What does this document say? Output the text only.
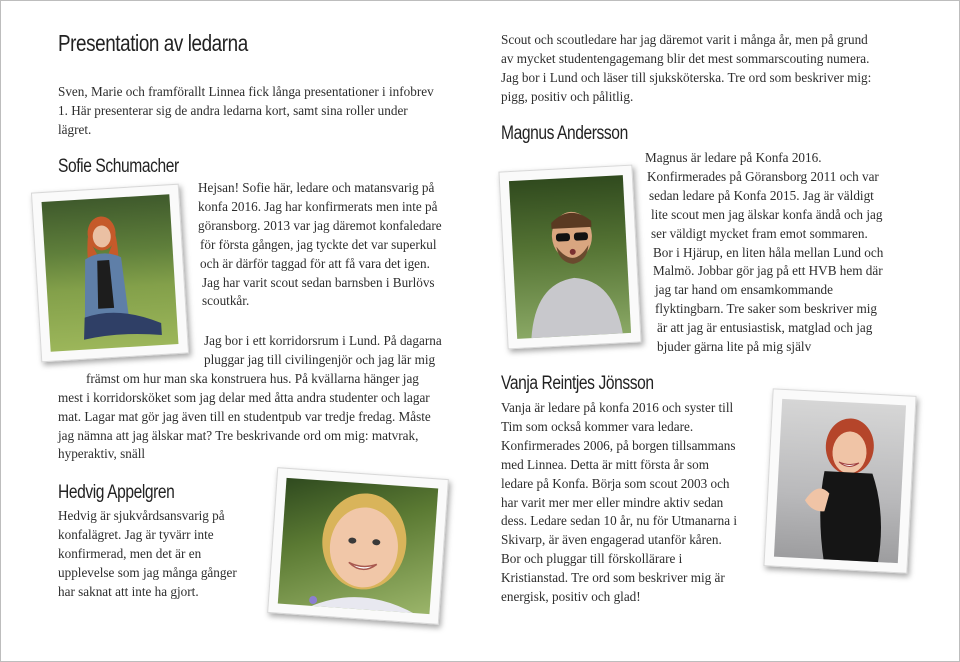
Presentation av ledarna
Sven, Marie och framförallt Linnea fick långa presentationer i infobrev
1. Här presenterar sig de andra ledarna kort, samt sina roller under
lägret.
Sofie Schumacher
Hejsan! Sofie här, ledare och matansvarig på
konfa 2016. Jag har konfirmerats men inte på
göransborg. 2013 var jag däremot konfaledare
för första gången, jag tyckte det var superkul
och är därför taggad för att få vara det igen.
Jag har varit scout sedan barnsben i Burlövs
scoutkår.
Jag bor i ett korridorsrum i Lund. På dagarna
pluggar jag till civilingenjör och jag lär mig
främst om hur man ska konstruera hus. På kvällarna hänger jag
mest i korridorsköket som jag delar med åtta andra studenter och lagar
mat. Lagar mat gör jag även till en studentpub var tredje fredag. Måste
jag nämna att jag älskar mat? Tre beskrivande ord om mig: matvrak,
hyperaktiv, snäll
Hedvig Appelgren
Hedvig är sjukvårdsansvarig på
konfalägret. Jag är tyvärr inte
konfirmerad, men det är en
upplevelse som jag många gånger
har saknat att inte ha gjort.
Scout och scoutledare har jag däremot varit i många år, men på grund
av mycket studentengagemang blir det mest sommarscouting numera.
Jag bor i Lund och läser till sjuksköterska. Tre ord som beskriver mig:
pigg, positiv och pålitlig.
Magnus Andersson
Magnus är ledare på Konfa 2016.
Konfirmerades på Göransborg 2011 och var
sedan ledare på Konfa 2015. Jag är väldigt
lite scout men jag älskar konfa ändå och jag
ser väldigt mycket fram emot sommaren.
Bor i Hjärup, en liten håla mellan Lund och
Malmö. Jobbar gör jag på ett HVB hem där
jag tar hand om ensamkommande
flyktingbarn. Tre saker som beskriver mig
är att jag är entusiastisk, matglad och jag
bjuder gärna lite på mig själv
Vanja Reintjes Jönsson
Vanja är ledare på konfa 2016 och syster till
Tim som också kommer vara ledare.
Konfirmerades 2006, på borgen tillsammans
med Linnea. Detta är mitt första år som
ledare på Konfa. Börja som scout 2003 och
har varit mer mer eller mindre aktiv sedan
dess. Ledare sedan 10 år, nu för Utmanarna i
Skivarp, är även engagerad utanför kåren.
Bor och pluggar till förskollärare i
Kristianstad. Tre ord som beskriver mig är
energisk, positiv och glad!
